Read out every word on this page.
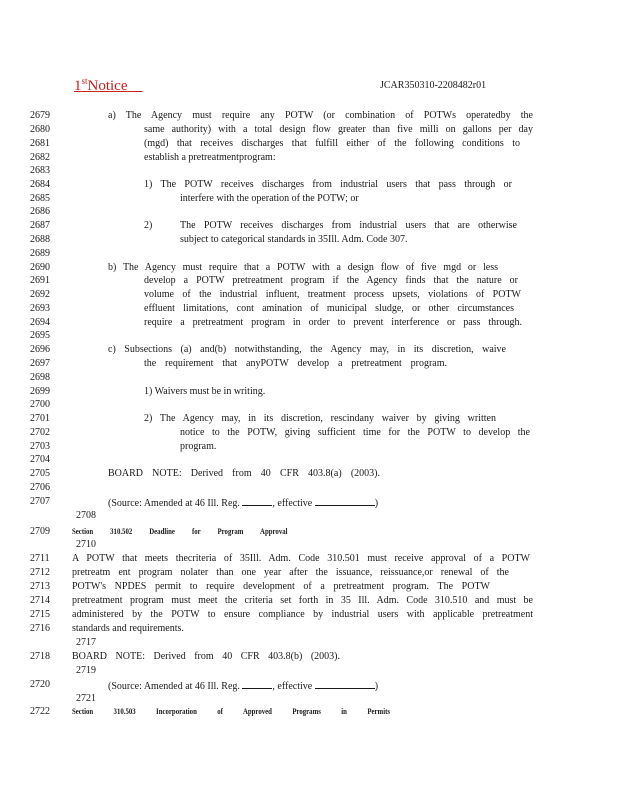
1stNotice	JCAR350310-2208482r01
2679
2680
2681
2682
2683
2684
2685
2686
2687
2688
2689
2690
2691
2692
2693
2694
2695
2696
2697
2698
2699
2700
2701
2702
2703
2704
2705
2706
2707
2708
2709
2710
2711
2712
2713
2714
2715
2716
2717
2718
2719
2720
2721
2722
a) The Agency must require any POTW (or combination of POTWs operatedby the
same authority) with a total design flow greater than five milli on gallons per day
(mgd) that receives discharges that fulfill either of the following conditions to
establish a pretreatmentprogram:
1) The POTW receives discharges from industrial users that pass through or
interfere with the operation of the POTW; or
2)	The POTW receives discharges from industrial users that are otherwise
subject to categorical standards in 35Ill. Adm. Code 307.
b) The Agency must require that a POTW with a design flow of five mgd or less
develop a POTW pretreatment program if the Agency finds that the nature or
volume of the industrial influent, treatment process upsets, violations of POTW
effluent limitations, cont amination of municipal sludge, or other circumstances
require a pretreatment program in order to prevent interference or pass through.
c) Subsections (a) and(b) notwithstanding, the Agency may, in its discretion, waive
the requirement that anyPOTW develop a pretreatment program.
1) Waivers must be in writing.
2) The Agency may, in its discretion, rescindany waiver by giving written
notice to the POTW, giving sufficient time for the POTW to develop the
program.
BOARD NOTE: Derived from 40 CFR 403.8(a) (2003).
(Source: Amended at 46 Ill. Reg.	, effective	)
Section 310.502 Deadline for Program Approval
A POTW that meets thecriteria of 35Ill. Adm. Code 310.501 must receive approval of a POTW
pretreatm ent program nolater than one year after the issuance, reissuance,or renewal of the
POTW's NPDES permit to require development of a pretreatment program. The POTW
pretreatment program must meet the criteria set forth in 35 Ill. Adm. Code 310.510 and must be
administered by the POTW to ensure compliance by industrial users with applicable pretreatment
standards and requirements.
BOARD NOTE: Derived from 40 CFR 403.8(b) (2003).
(Source: Amended at 46 Ill. Reg.	, effective	)
Section 310.503 Incorporation of Approved Programs in Permits
